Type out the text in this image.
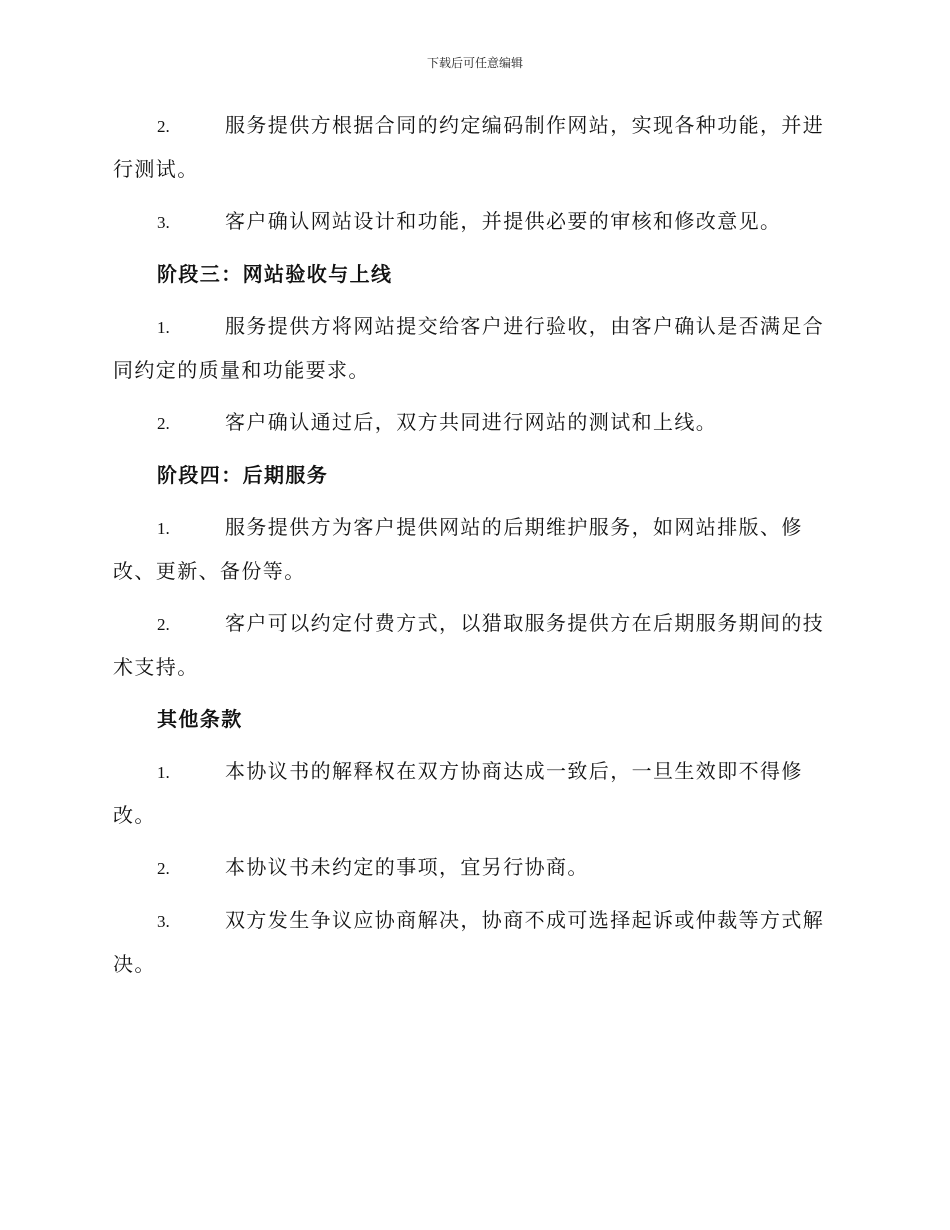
下载后可任意编辑

2.	服务提供方根据合同的约定编码制作网站，实现各种功能，并进行测试。

3.	客户确认网站设计和功能，并提供必要的审核和修改意见。

阶段三：网站验收与上线

1.	服务提供方将网站提交给客户进行验收，由客户确认是否满足合同约定的质量和功能要求。

2.	客户确认通过后，双方共同进行网站的测试和上线。

阶段四：后期服务

1.	服务提供方为客户提供网站的后期维护服务，如网站排版、修改、更新、备份等。

2.	客户可以约定付费方式，以猎取服务提供方在后期服务期间的技术支持。

其他条款

1.	本协议书的解释权在双方协商达成一致后，一旦生效即不得修改。

2.	本协议书未约定的事项，宜另行协商。

3.	双方发生争议应协商解决，协商不成可选择起诉或仲裁等方式解决。
